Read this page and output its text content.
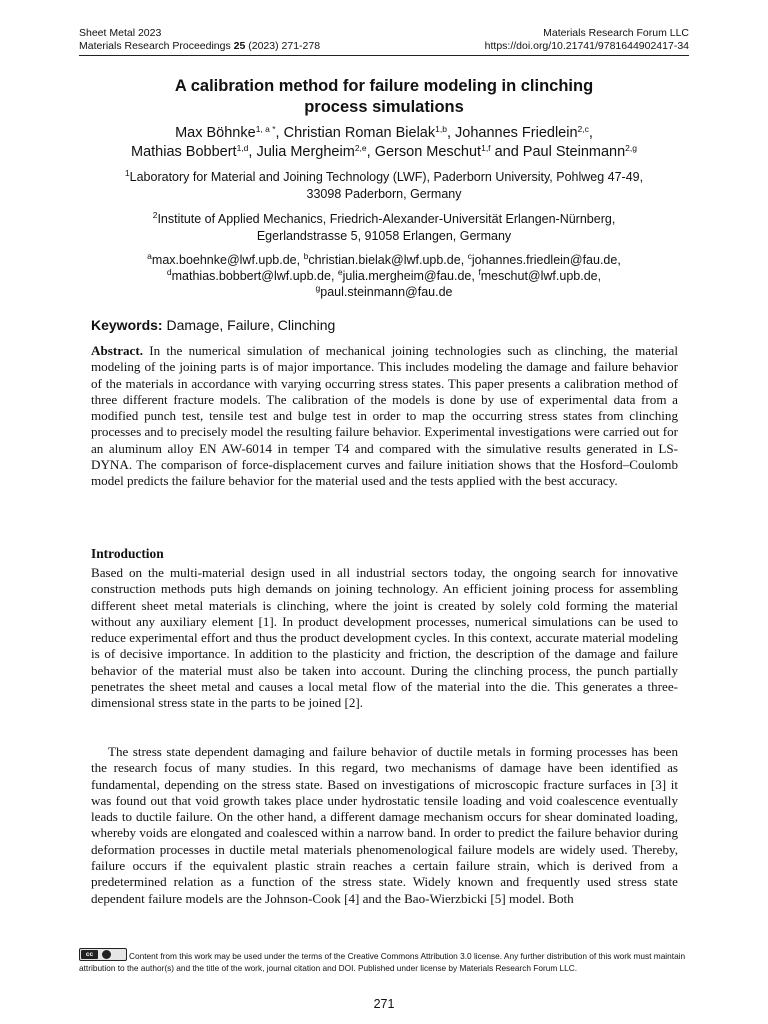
Sheet Metal 2023	Materials Research Forum LLC
Materials Research Proceedings 25 (2023) 271-278	https://doi.org/10.21741/9781644902417-34
A calibration method for failure modeling in clinching
process simulations
Max Böhnke$^{1, a *}$, Christian Roman Bielak$^{1,b}$, Johannes Friedlein$^{2,c}$,
Mathias Bobbert$^{1,d}$, Julia Mergheim$^{2,e}$, Gerson Meschut$^{1,f}$ and Paul Steinmann$^{2,g}$
$^1$Laboratory for Material and Joining Technology (LWF), Paderborn University, Pohlweg 47-49,
33098 Paderborn, Germany
$^2$Institute of Applied Mechanics, Friedrich-Alexander-Universität Erlangen-Nürnberg,
Egerlandstrasse 5, 91058 Erlangen, Germany
$^a$max.boehnke@lwf.upb.de, $^b$christian.bielak@lwf.upb.de, $^c$johannes.friedlein@fau.de,
$^d$mathias.bobbert@lwf.upb.de, $^e$julia.mergheim@fau.de, $^f$meschut@lwf.upb.de,
$^g$paul.steinmann@fau.de
Keywords: Damage, Failure, Clinching
Abstract. In the numerical simulation of mechanical joining technologies such as clinching, the material modeling of the joining parts is of major importance. This includes modeling the damage and failure behavior of the materials in accordance with varying occurring stress states. This paper presents a calibration method of three different fracture models. The calibration of the models is done by use of experimental data from a modified punch test, tensile test and bulge test in order to map the occurring stress states from clinching processes and to precisely model the resulting failure behavior. Experimental investigations were carried out for an aluminum alloy EN AW-6014 in temper T4 and compared with the simulative results generated in LS-DYNA. The comparison of force-displacement curves and failure initiation shows that the Hosford–Coulomb model predicts the failure behavior for the material used and the tests applied with the best accuracy.
Introduction
Based on the multi-material design used in all industrial sectors today, the ongoing search for innovative construction methods puts high demands on joining technology. An efficient joining process for assembling different sheet metal materials is clinching, where the joint is created by solely cold forming the material without any auxiliary element [1]. In product development processes, numerical simulations can be used to reduce experimental effort and thus the product development cycles. In this context, accurate material modeling is of decisive importance. In addition to the plasticity and friction, the description of the damage and failure behavior of the material must also be taken into account. During the clinching process, the punch partially penetrates the sheet metal and causes a local metal flow of the material into the die. This generates a three-dimensional stress state in the parts to be joined [2].
The stress state dependent damaging and failure behavior of ductile metals in forming processes has been the research focus of many studies. In this regard, two mechanisms of damage have been identified as fundamental, depending on the stress state. Based on investigations of microscopic fracture surfaces in [3] it was found out that void growth takes place under hydrostatic tensile loading and void coalescence eventually leads to ductile failure. On the other hand, a different damage mechanism occurs for shear dominated loading, whereby voids are elongated and coalesced within a narrow band. In order to predict the failure behavior during deformation processes in ductile metal materials phenomenological failure models are widely used. Thereby, failure occurs if the equivalent plastic strain reaches a certain failure strain, which is derived from a predetermined relation as a function of the stress state. Widely known and frequently used stress state dependent failure models are the Johnson-Cook [4] and the Bao-Wierzbicki [5] model. Both
cc	Content from this work may be used under the terms of the Creative Commons Attribution 3.0 license. Any further distribution of this work must maintain attribution to the author(s) and the title of the work, journal citation and DOI. Published under license by Materials Research Forum LLC.
271
